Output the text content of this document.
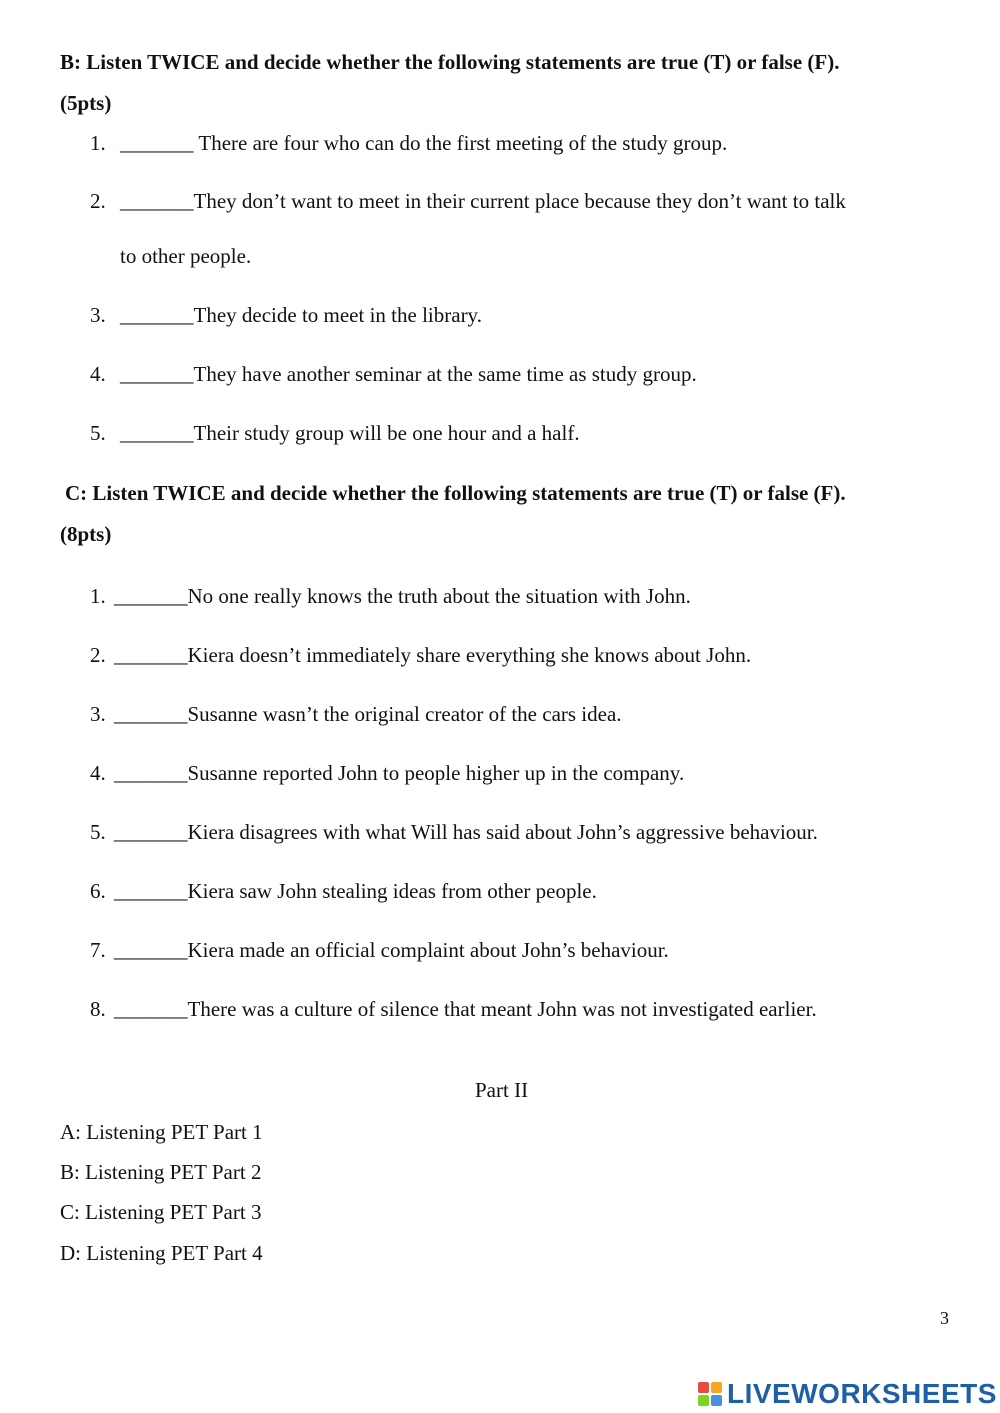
B: Listen TWICE and decide whether the following statements are true (T) or false (F).
(5pts)
1. _______ There are four who can do the first meeting of the study group.
2. _______They don’t want to meet in their current place because they don’t want to talk
to other people.
3. _______They decide to meet in the library.
4. _______They have another seminar at the same time as study group.
5. _______Their study group will be one hour and a half.
C: Listen TWICE and decide whether the following statements are true (T) or false (F).
(8pts)
1. _______No one really knows the truth about the situation with John.
2. _______Kiera doesn’t immediately share everything she knows about John.
3. _______Susanne wasn’t the original creator of the cars idea.
4. _______Susanne reported John to people higher up in the company.
5. _______Kiera disagrees with what Will has said about John’s aggressive behaviour.
6. _______Kiera saw John stealing ideas from other people.
7. _______Kiera made an official complaint about John’s behaviour.
8. _______There was a culture of silence that meant John was not investigated earlier.
Part II
A: Listening PET Part 1
B: Listening PET Part 2
C: Listening PET Part 3
D: Listening PET Part 4
3
LIVEWORKSHEETS
